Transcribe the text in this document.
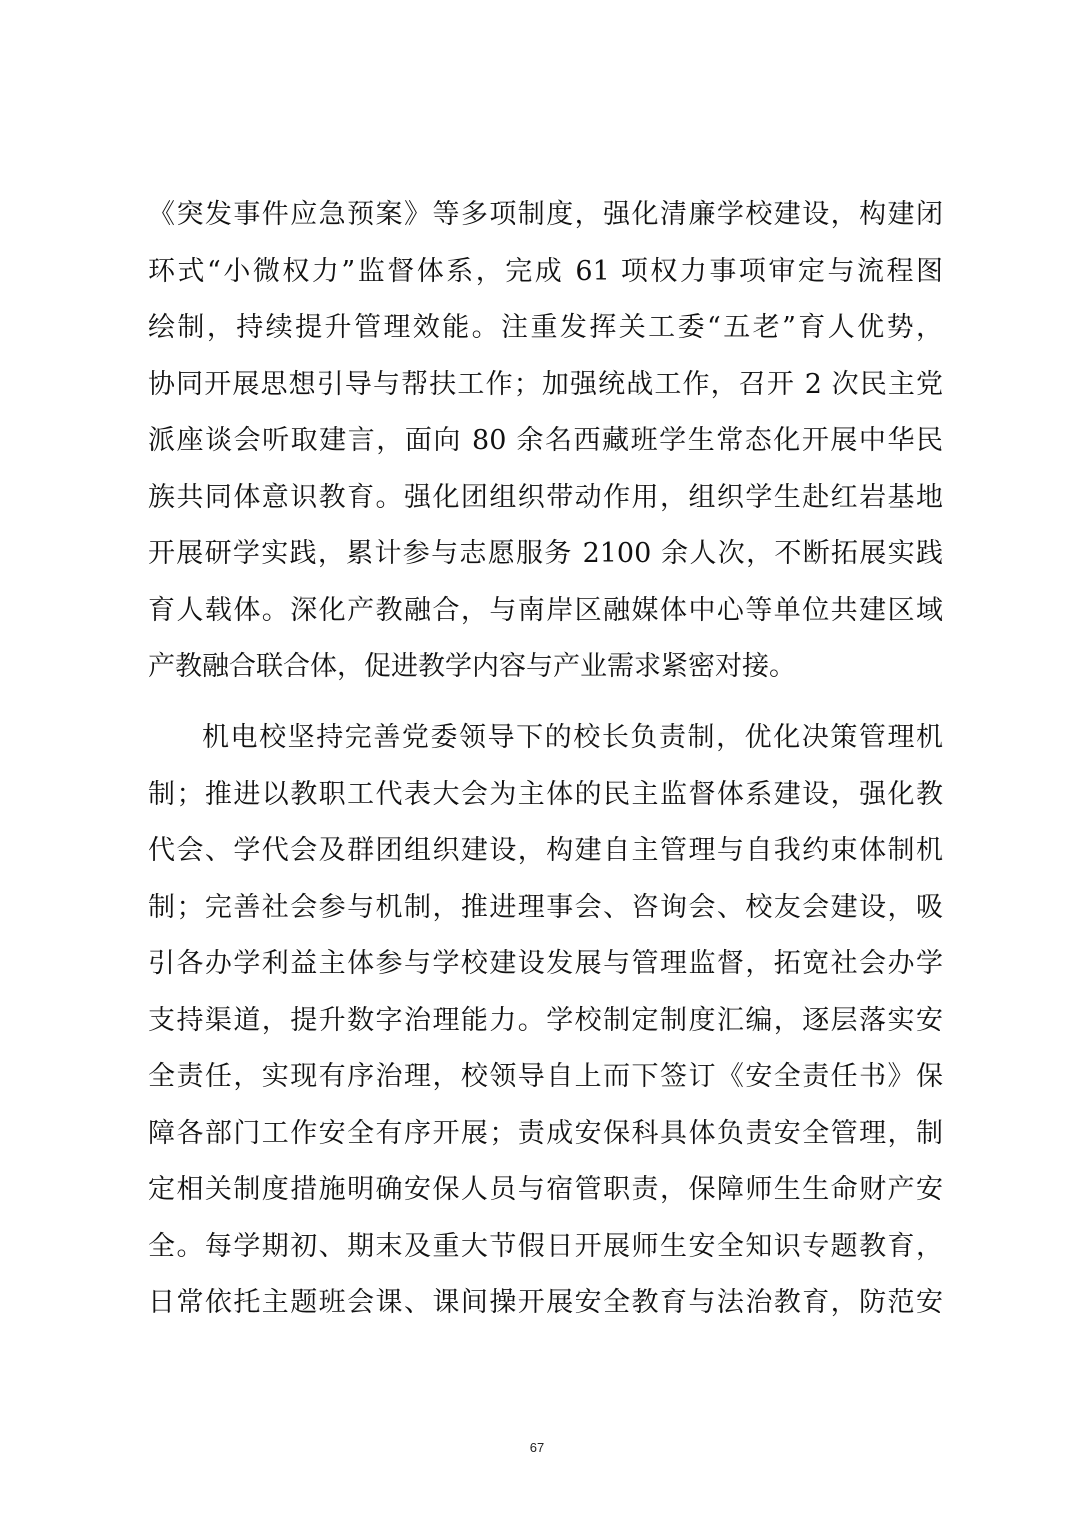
《突发事件应急预案》等多项制度，强化清廉学校建设，构建闭
环式“小微权力”监督体系，完成 61 项权力事项审定与流程图
绘制，持续提升管理效能。注重发挥关工委“五老”育人优势，
协同开展思想引导与帮扶工作；加强统战工作，召开 2 次民主党
派座谈会听取建言，面向 80 余名西藏班学生常态化开展中华民
族共同体意识教育。强化团组织带动作用，组织学生赴红岩基地
开展研学实践，累计参与志愿服务 2100 余人次，不断拓展实践
育人载体。深化产教融合，与南岸区融媒体中心等单位共建区域
产教融合联合体，促进教学内容与产业需求紧密对接。
机电校坚持完善党委领导下的校长负责制，优化决策管理机
制；推进以教职工代表大会为主体的民主监督体系建设，强化教
代会、学代会及群团组织建设，构建自主管理与自我约束体制机
制；完善社会参与机制，推进理事会、咨询会、校友会建设，吸
引各办学利益主体参与学校建设发展与管理监督，拓宽社会办学
支持渠道，提升数字治理能力。学校制定制度汇编，逐层落实安
全责任，实现有序治理，校领导自上而下签订《安全责任书》保
障各部门工作安全有序开展；责成安保科具体负责安全管理，制
定相关制度措施明确安保人员与宿管职责，保障师生生命财产安
全。每学期初、期末及重大节假日开展师生安全知识专题教育，
日常依托主题班会课、课间操开展安全教育与法治教育，防范安
67
